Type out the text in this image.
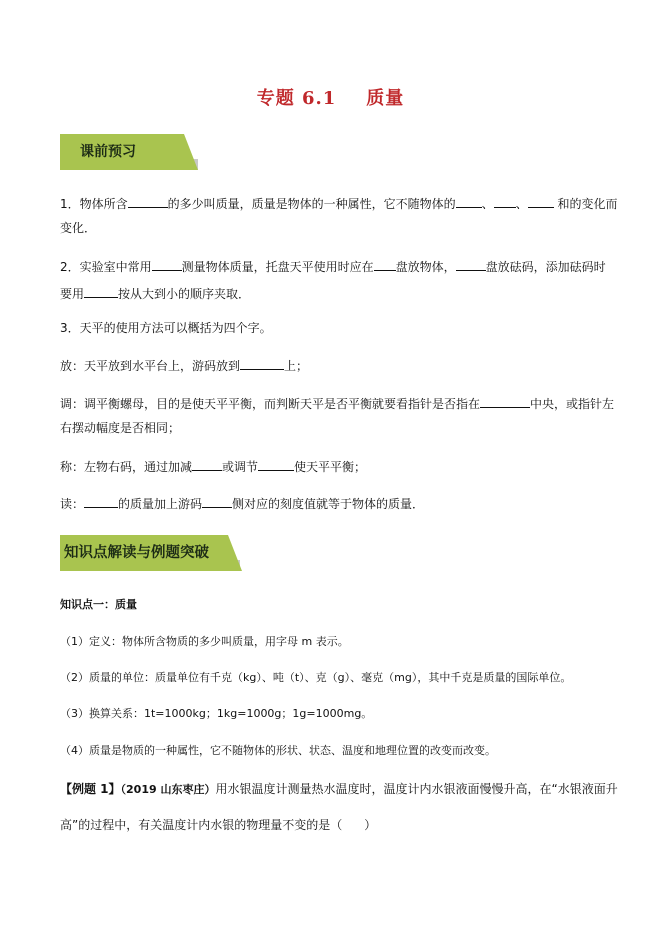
专题 6.1 质量
课前预习
1．物体所含	的多少叫质量，质量是物体的一种属性，它不随物体的 、 、 和的变化而
变化．
2．实验室中常用	测量物体质量，托盘天平使用时应在 盘放物体，	盘放砝码，添加砝码时
要用	按从大到小的顺序夹取．
3．天平的使用方法可以概括为四个字。
放：天平放到水平台上，游码放到	上；
调：调平衡螺母，目的是使天平平衡，而判断天平是否平衡就要看指针是否指在	中央，或指针左
右摆动幅度是否相同；
称：左物右码，通过加减	或调节	使天平平衡；
读：	的质量加上游码	侧对应的刻度值就等于物体的质量．
知识点解读与例题突破
知识点一：质量
（1）定义：物体所含物质的多少叫质量，用字母 m 表示。
（2）质量的单位：质量单位有千克（kg）、吨（t）、克（g）、毫克（mg），其中千克是质量的国际单位。
（3）换算关系：1t=1000kg；1kg=1000g；1g=1000mg。
（4）质量是物质的一种属性，它不随物体的形状、状态、温度和地理位置的改变而改变。
【例题 1】（2019 山东枣庄）用水银温度计测量热水温度时，温度计内水银液面慢慢升高，在“水银液面升
高”的过程中，有关温度计内水银的物理量不变的是（ ）
